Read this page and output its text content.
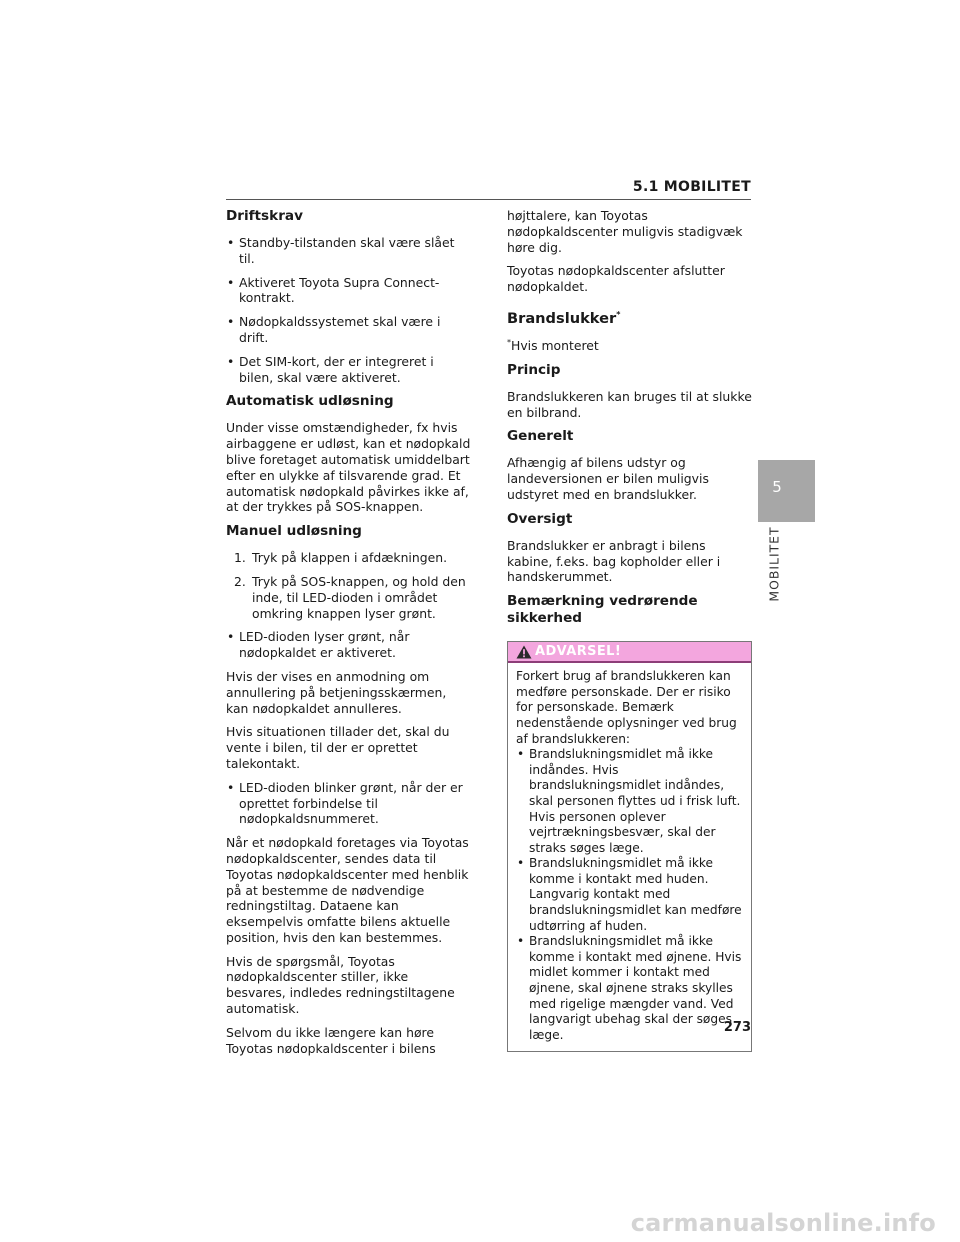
5.1 MOBILITET
Driftskrav
• Standby-tilstanden skal være slået til.
• Aktiveret Toyota Supra Connect-kontrakt.
• Nødopkaldssystemet skal være i drift.
• Det SIM-kort, der er integreret i bilen, skal være aktiveret.
Automatisk udløsning

Under visse omstændigheder, fx hvis airbaggene er udløst, kan et nødopkald blive foretaget automatisk umiddelbart efter en ulykke af tilsvarende grad. Et automatisk nødopkald påvirkes ikke af, at der trykkes på SOS-knappen.

Manuel udløsning
1. Tryk på klappen i afdækningen.
2. Tryk på SOS-knappen, og hold den inde, til LED-dioden i området omkring knappen lyser grønt.
• LED-dioden lyser grønt, når nødopkaldet er aktiveret.

Hvis der vises en anmodning om annullering på betjeningsskærmen, kan nødopkaldet annulleres.

Hvis situationen tillader det, skal du vente i bilen, til der er oprettet talekontakt.

• LED-dioden blinker grønt, når der er oprettet forbindelse til nødopkaldsnummeret.

Når et nødopkald foretages via Toyotas nødopkaldscenter, sendes data til Toyotas nødopkaldscenter med henblik på at bestemme de nødvendige redningstiltag. Dataene kan eksempelvis omfatte bilens aktuelle position, hvis den kan bestemmes.

Hvis de spørgsmål, Toyotas nødopkaldscenter stiller, ikke besvares, indledes redningstiltagene automatisk.

Selvom du ikke længere kan høre Toyotas nødopkaldscenter i bilens

højttalere, kan Toyotas nødopkaldscenter muligvis stadigvæk høre dig.

Toyotas nødopkaldscenter afslutter nødopkaldet.

Brandslukker*

*Hvis monteret

Princip

Brandslukkeren kan bruges til at slukke en bilbrand.

Generelt

Afhængig af bilens udstyr og landeversionen er bilen muligvis udstyret med en brandslukker.

Oversigt

Brandslukker er anbragt i bilens kabine, f.eks. bag kopholder eller i handskerummet.

Bemærkning vedrørende sikkerhed
ADVARSEL!

Forkert brug af brandslukkeren kan medføre personskade. Der er risiko for personskade. Bemærk nedenstående oplysninger ved brug af brandslukkeren:

• Brandslukningsmidlet må ikke indåndes. Hvis brandslukningsmidlet indåndes, skal personen flyttes ud i frisk luft. Hvis personen oplever vejrtrækningsbesvær, skal der straks søges læge.
• Brandslukningsmidlet må ikke komme i kontakt med huden. Langvarig kontakt med brandslukningsmidlet kan medføre udtørring af huden.
• Brandslukningsmidlet må ikke komme i kontakt med øjnene. Hvis midlet kommer i kontakt med øjnene, skal øjnene straks skylles med rigelige mængder vand. Ved langvarigt ubehag skal der søges læge.
5
MOBILITET
273
carmanualsonline.info
